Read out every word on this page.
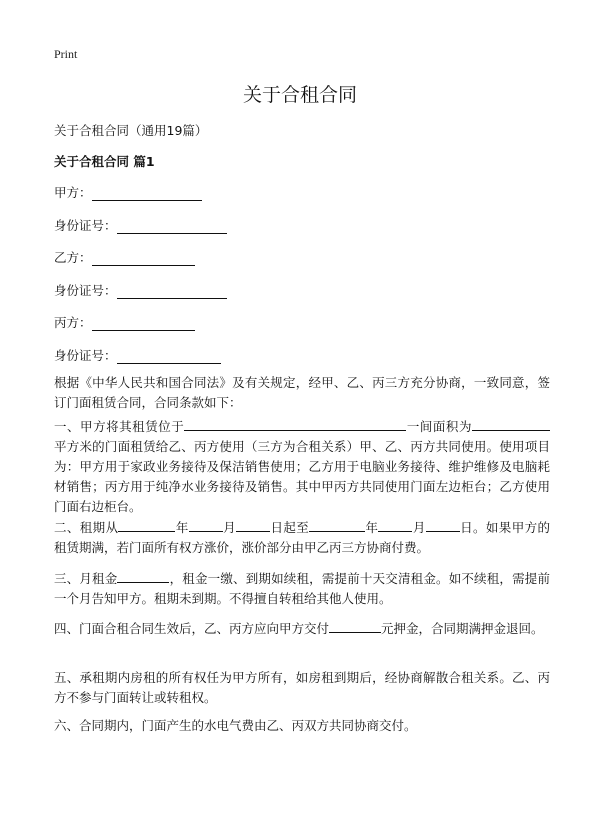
Print
关于合租合同
关于合租合同（通用19篇）
关于合租合同 篇1
甲方：
身份证号：
乙方：
身份证号：
丙方：
身份证号：
根据《中华人民共和国合同法》及有关规定，经甲、乙、丙三方充分协商，一致同意，签订门面租赁合同，合同条款如下：
一、甲方将其租赁位于	一间面积为平方米的门面租赁给乙、丙方使用（三方为合租关系）甲、乙、丙方共同使用。使用项目为：甲方用于家政业务接待及保洁销售使用；乙方用于电脑业务接待、维护维修及电脑耗材销售；丙方用于纯净水业务接待及销售。其中甲丙方共同使用门面左边柜台；乙方使用门面右边柜台。
二、租期从	年	月	日起至	年	月	日。如果甲方的租赁期满，若门面所有权方涨价，涨价部分由甲乙丙三方协商付费。
三、月租金	，租金一缴、到期如续租，需提前十天交清租金。如不续租，需提前一个月告知甲方。租期未到期。不得擅自转租给其他人使用。
四、门面合租合同生效后，乙、丙方应向甲方交付	元押金，合同期满押金退回。
五、承租期内房租的所有权任为甲方所有，如房租到期后，经协商解散合租关系。乙、丙方不参与门面转让或转租权。
六、合同期内，门面产生的水电气费由乙、丙双方共同协商交付。
